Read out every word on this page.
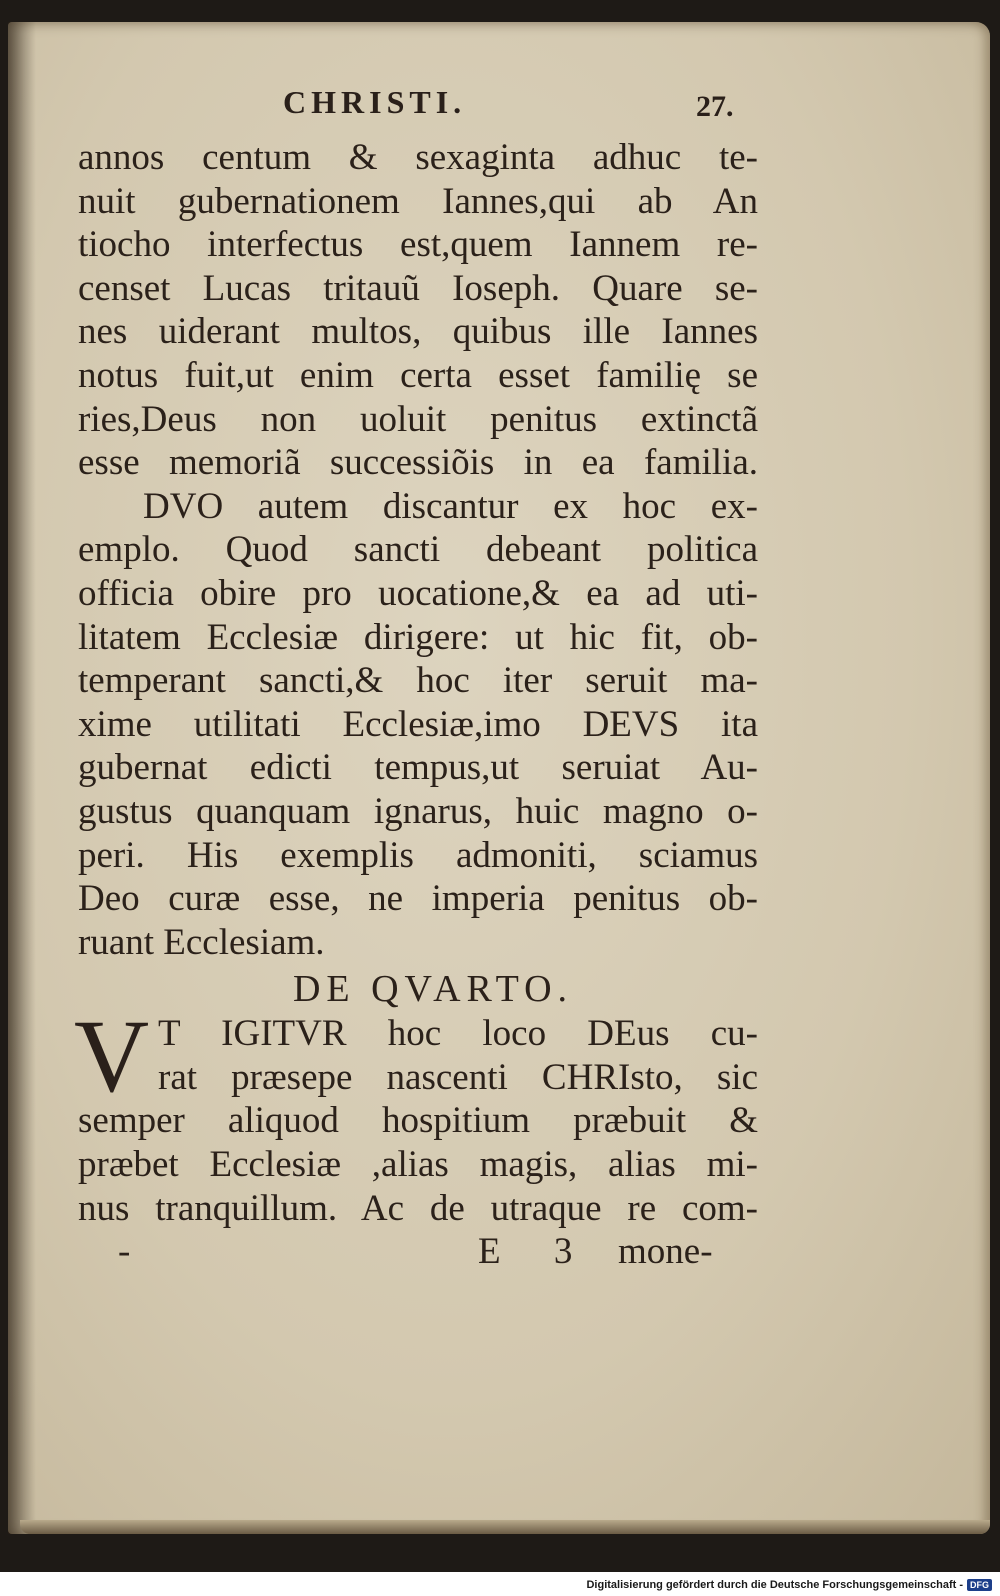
CHRISTI.	27.
annos centum & sexaginta adhuc te-
nuit gubernationem Iannes,qui ab An
tiocho interfectus est,quem Iannem re-
censet Lucas tritauũ Ioseph. Quare se-
nes uiderant multos, quibus ille Iannes
notus fuit,ut enim certa esset familię se
ries,Deus non uoluit penitus extinctã
esse memoriã successiõis in ea familia.
DVO autem discantur ex hoc ex-
emplo. Quod sancti debeant politica
officia obire pro uocatione,& ea ad uti-
litatem Ecclesiæ dirigere: ut hic fit, ob-
temperant sancti,& hoc iter seruit ma-
xime utilitati Ecclesiæ,imo DEVS ita
gubernat edicti tempus,ut seruiat Au-
gustus quanquam ignarus, huic magno o-
peri. His exemplis admoniti, sciamus
Deo curæ esse, ne imperia penitus ob-
ruant Ecclesiam.
DE QVARTO.
V T IGITVR hoc loco DEus cu-
rat præsepe nascenti CHRIsto, sic
semper aliquod hospitium præbuit &
præbet Ecclesiæ ,alias magis, alias mi-
nus tranquillum. Ac de utraque re com-
-	E 3 mone-
Digitalisierung gefördert durch die Deutsche Forschungsgemeinschaft - DFG
